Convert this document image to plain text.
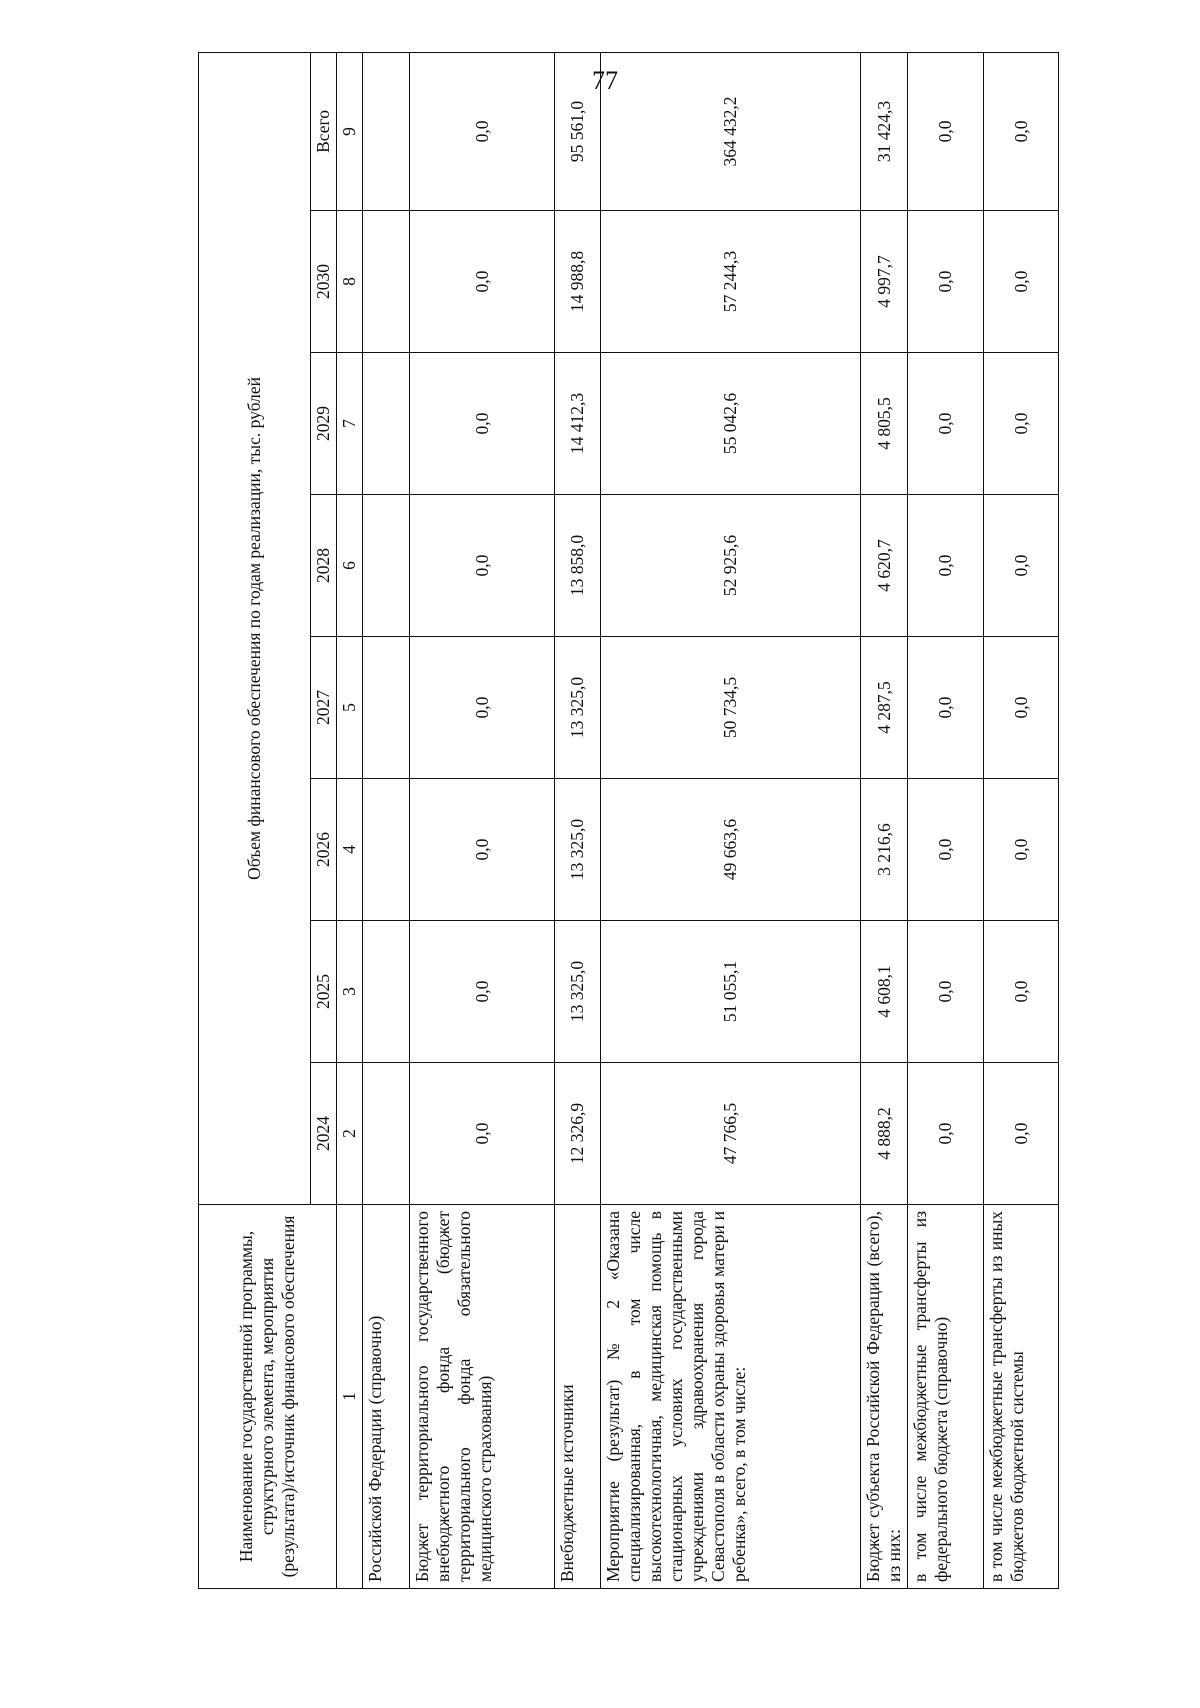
77
Наименование государственной программы, структурного элемента, мероприятия (результата)/источник финансового обеспечения	Объем финансового обеспечения по годам реализации, тыс. рублей							
	2024	2025	2026	2027	2028	2029	2030	Всего
1	2	3	4	5	6	7	8	9
Российской Федерации (справочно)								
Бюджет территориального государственного внебюджетного фонда (бюджет территориального фонда обязательного медицинского страхования)	0,0	0,0	0,0	0,0	0,0	0,0	0,0	0,0
Внебюджетные источники	12 326,9	13 325,0	13 325,0	13 325,0	13 858,0	14 412,3	14 988,8	95 561,0
Мероприятие (результат) № 2 «Оказана специализированная, в том числе высокотехнологичная, медицинская помощь в стационарных условиях государственными учреждениями здравоохранения города Севастополя в области охраны здоровья матери и ребенка», всего, в том числе:	47 766,5	51 055,1	49 663,6	50 734,5	52 925,6	55 042,6	57 244,3	364 432,2
Бюджет субъекта Российской Федерации (всего), из них:	4 888,2	4 608,1	3 216,6	4 287,5	4 620,7	4 805,5	4 997,7	31 424,3
в том числе межбюджетные трансферты из федерального бюджета (справочно)	0,0	0,0	0,0	0,0	0,0	0,0	0,0	0,0
в том числе межбюджетные трансферты из иных бюджетов бюджетной системы	0,0	0,0	0,0	0,0	0,0	0,0	0,0	0,0
